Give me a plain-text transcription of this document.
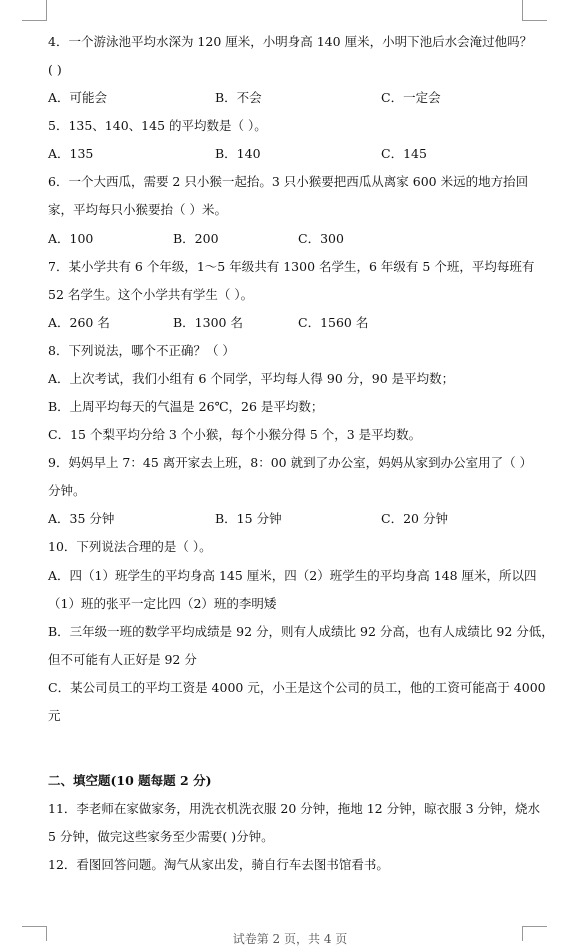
4．一个游泳池平均水深为 120 厘米，小明身高 140 厘米，小明下池后水会淹过他吗？
( )
A．可能会	B．不会	C．一定会
5．135、140、145 的平均数是（ ）。
A．135	B．140	C．145
6．一个大西瓜，需要 2 只小猴一起抬。3 只小猴要把西瓜从离家 600 米远的地方抬回
家，平均每只小猴要抬（ ）米。
A．100	B．200	C．300
7．某小学共有 6 个年级，1～5 年级共有 1300 名学生，6 年级有 5 个班，平均每班有
52 名学生。这个小学共有学生（ ）。
A．260 名	B．1300 名	C．1560 名
8．下列说法，哪个不正确？（ ）
A．上次考试，我们小组有 6 个同学，平均每人得 90 分，90 是平均数；
B．上周平均每天的气温是 26℃，26 是平均数；
C．15 个梨平均分给 3 个小猴，每个小猴分得 5 个，3 是平均数。
9．妈妈早上 7：45 离开家去上班，8：00 就到了办公室，妈妈从家到办公室用了（ ）
分钟。
A．35 分钟	B．15 分钟	C．20 分钟
10．下列说法合理的是（ ）。
A．四（1）班学生的平均身高 145 厘米，四（2）班学生的平均身高 148 厘米，所以四
（1）班的张平一定比四（2）班的李明矮
B．三年级一班的数学平均成绩是 92 分，则有人成绩比 92 分高，也有人成绩比 92 分低，
但不可能有人正好是 92 分
C．某公司员工的平均工资是 4000 元，小王是这个公司的员工，他的工资可能高于 4000
元
二、填空题(10 题每题 2 分)
11．李老师在家做家务，用洗衣机洗衣服 20 分钟，拖地 12 分钟，晾衣服 3 分钟，烧水
5 分钟，做完这些家务至少需要( )分钟。
12．看图回答问题。淘气从家出发，骑自行车去图书馆看书。
试卷第 2 页，共 4 页
